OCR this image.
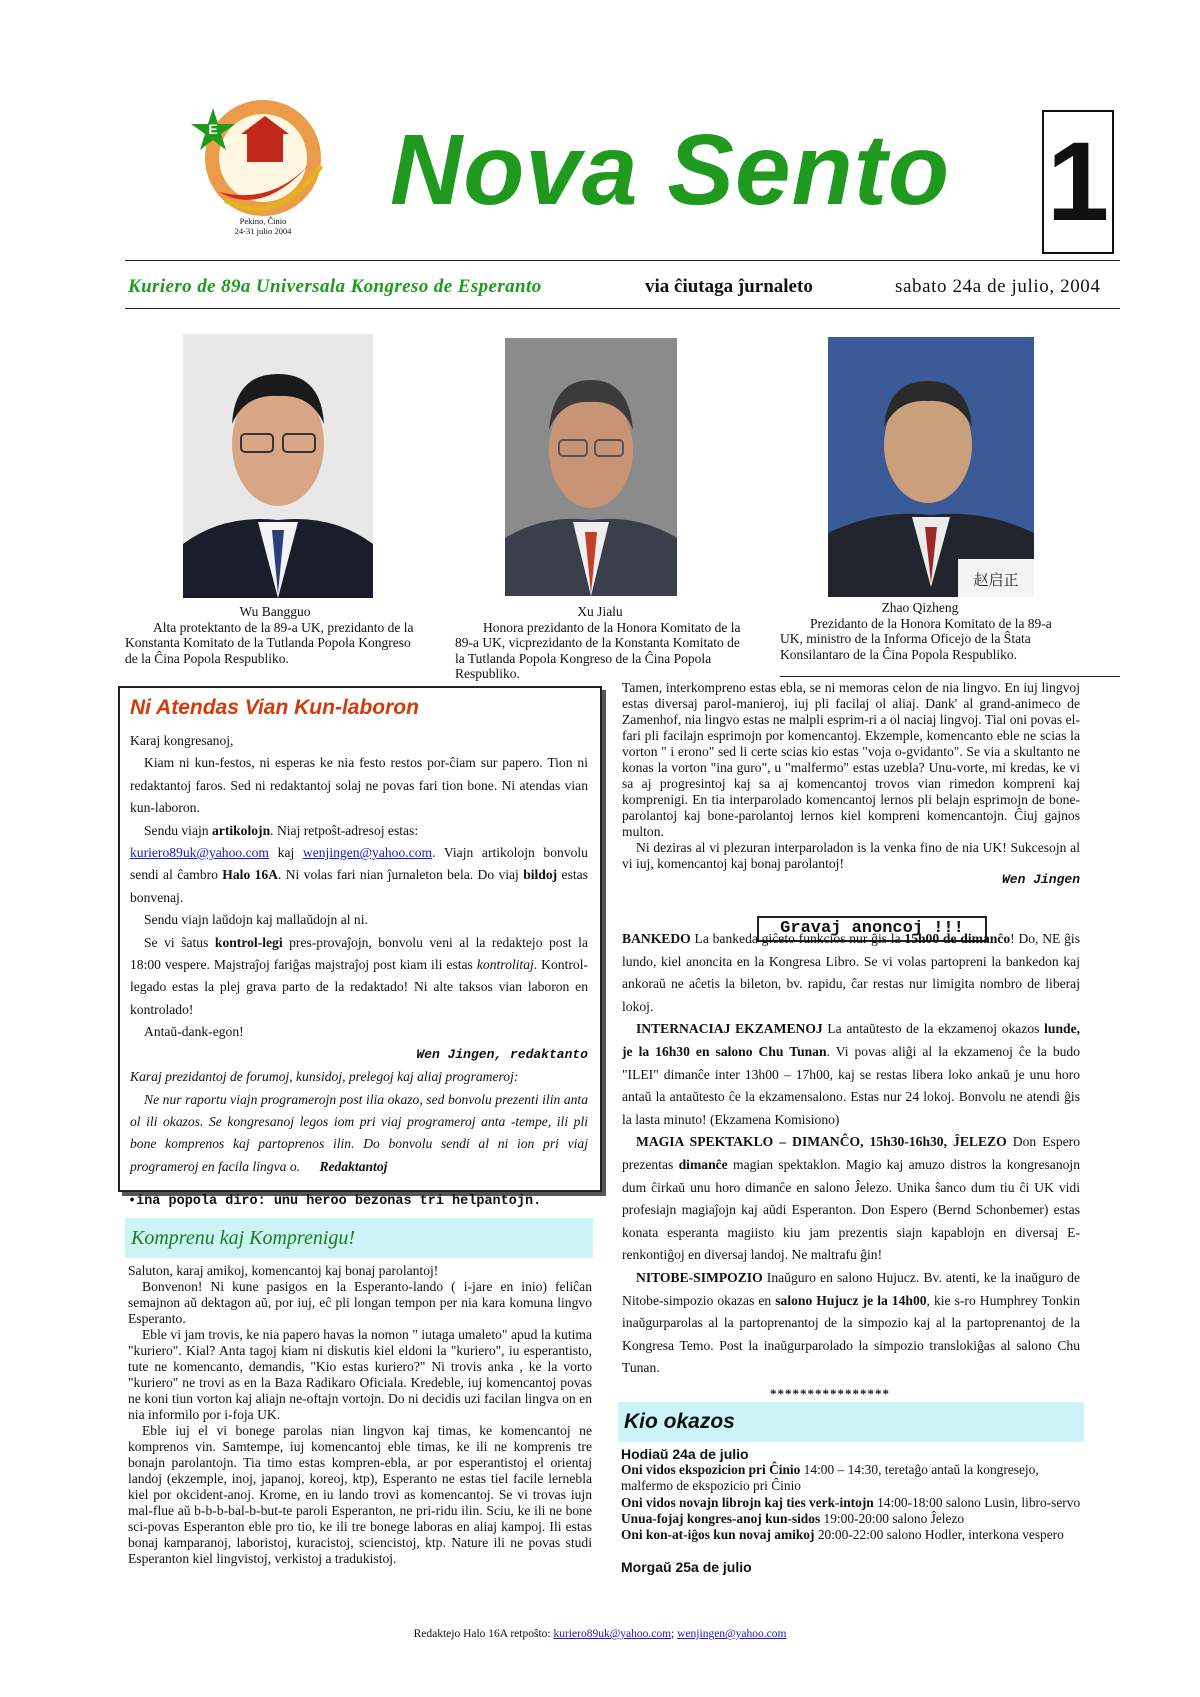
E
Pekino, Ĉinio
24-31 julio 2004
Nova Sento 1
Kuriero de 89a Universala Kongreso de Esperanto	via ĉiutaga ĵurnaleto	sabato 24a de julio, 2004
Wu Bangguo
Alta protektanto de la 89-a UK, prezidanto de la Konstanta Komitato de la Tutlanda Popola Kongreso de la Ĉina Popola Respubliko.
Xu Jialu
Honora prezidanto de la Honora Komitato de la 89-a UK, vicprezidanto de la Konstanta Komitato de la Tutlanda Popola Kongreso de la Ĉina Popola Respubliko.
赵启正
Zhao Qizheng
Prezidanto de la Honora Komitato de la 89-a UK, ministro de la Informa Oficejo de la Ŝtata Konsilantaro de la Ĉina Popola Respubliko.
Ni Atendas Vian Kun-laboron

Karaj kongresanoj,

Kiam ni kun-festos, ni esperas ke nia festo restos por-ĉiam sur papero. Tion ni redaktantoj faros. Sed ni redaktantoj solaj ne povas fari tion bone. Ni atendas vian kun-laboron.

Sendu viajn artikolojn. Niaj retpoŝt-adresoj estas:

kuriero89uk@yahoo.com kaj wenjingen@yahoo.com. Viajn artikolojn bonvolu sendi al ĉambro Halo 16A. Ni volas fari nian ĵurnaleton bela. Do viaj bildoj estas bonvenaj.

Sendu viajn laŭdojn kaj mallaŭdojn al ni.

Se vi ŝatus kontrol-legi pres-provaĵojn, bonvolu veni al la redaktejo post la 18:00 vespere. Majstraĵoj fariĝas majstraĵoj post kiam ili estas kontrolitaj. Kontrol-legado estas la plej grava parto de la redaktado! Ni alte taksos vian laboron en kontrolado!

Antaŭ-dank-egon!

Wen Jingen, redaktanto

Karaj prezidantoj de forumoj, kunsidoj, prelegoj kaj aliaj programeroj:

Ne nur raportu viajn programerojn post ilia okazo, sed bonvolu prezenti ilin anta ol ili okazos. Se kongresanoj legos iom pri viaj programeroj anta -tempe, ili pli bone komprenos kaj partoprenos ilin. Do bonvolu sendi al ni ion pri viaj programeroj en facila lingva o. Redaktantoj

•ina popola diro: unu heroo bezonas tri helpantojn.
Komprenu kaj Komprenigu!

Saluton, karaj amikoj, komencantoj kaj bonaj parolantoj!

Bonvenon! Ni kune pasigos en la Esperanto-lando ( i-jare en inio) feliĉan semajnon aŭ dektagon aŭ, por iuj, eĉ pli longan tempon per nia kara komuna lingvo Esperanto.

Eble vi jam trovis, ke nia papero havas la nomon " iutaga umaleto" apud la kutima "kuriero". Kial? Anta tagoj kiam ni diskutis kiel eldoni la "kuriero", iu esperantisto, tute ne komencanto, demandis, "Kio estas kuriero?" Ni trovis anka , ke la vorto "kuriero" ne trovi as en la Baza Radikaro Oficiala. Kredeble, iuj komencantoj povas ne koni tiun vorton kaj aliajn ne-oftajn vortojn. Do ni decidis uzi facilan lingva on en nia informilo por i-foja UK.

Eble iuj el vi bonege parolas nian lingvon kaj timas, ke komencantoj ne komprenos vin. Samtempe, iuj komencantoj eble timas, ke ili ne komprenis tre bonajn parolantojn. Tia timo estas kompren-ebla, ar por esperantistoj el orientaj landoj (ekzemple, inoj, japanoj, koreoj, ktp), Esperanto ne estas tiel facile lernebla kiel por okcident-anoj. Krome, en iu lando trovi as komencantoj. Se vi trovas iujn mal-flue aŭ b-b-b-bal-b-but-te paroli Esperanton, ne pri-ridu ilin. Sciu, ke ili ne bone sci-povas Esperanton eble pro tio, ke ili tre bonege laboras en aliaj kampoj. Ili estas bonaj kamparanoj, laboristoj, kuracistoj, sciencistoj, ktp. Nature ili ne povas studi Esperanton kiel lingvistoj, verkistoj a tradukistoj.

Tamen, interkompreno estas ebla, se ni memoras celon de nia lingvo. En iuj lingvoj estas diversaj parol-manieroj, iuj pli facilaj ol aliaj. Dank' al grand-animeco de Zamenhof, nia lingvo estas ne malpli esprim-ri a ol naciaj lingvoj. Tial oni povas el-fari pli facilajn esprimojn por komencantoj. Ekzemple, komencanto eble ne scias la vorton " i erono" sed li certe scias kio estas "voja o-gvidanto". Se via a skultanto ne konas la vorton "ina guro", u "malfermo" estas uzebla? Unu-vorte, mi kredas, ke vi sa aj progresintoj kaj sa aj komencantoj trovos vian rimedon kompreni kaj komprenigi. En tia interparolado komencantoj lernos pli belajn esprimojn de bone-parolantoj kaj bone-parolantoj lernos kiel kompreni komencantojn. Ĉiuj gajnos multon.

Ni deziras al vi plezuran interparoladon is la venka fino de nia UK! Sukcesojn al vi iuj, komencantoj kaj bonaj parolantoj!

Wen Jingen

Gravaj anoncoj !!!

BANKEDO La bankeda giĉeto funkcios nur ĝis la 15h00 de dimanĉo! Do, NE ĝis lundo, kiel anoncita en la Kongresa Libro. Se vi volas partopreni la bankedon kaj ankoraŭ ne aĉetis la bileton, bv. rapidu, ĉar restas nur limigita nombro de liberaj lokoj.

INTERNACIAJ EKZAMENOJ La antaŭtesto de la ekzamenoj okazos lunde, je la 16h30 en salono Chu Tunan. Vi povas aliĝi al la ekzamenoj ĉe la budo "ILEI" dimanĉe inter 13h00 – 17h00, kaj se restas libera loko ankaŭ je unu horo antaŭ la antaŭtesto ĉe la ekzamensalono. Estas nur 24 lokoj. Bonvolu ne atendi ĝis la lasta minuto! (Ekzamena Komisiono)

MAGIA SPEKTAKLO – DIMANĈO, 15h30-16h30, ĴELEZO Don Espero prezentas dimanĉe magian spektaklon. Magio kaj amuzo distros la kongresanojn dum ĉirkaŭ unu horo dimanĉe en salono Ĵelezo. Unika ŝanco dum tiu ĉi UK vidi profesiajn magiaĵojn kaj aŭdi Esperanton. Don Espero (Bernd Schonbemer) estas konata esperanta magiisto kiu jam prezentis siajn kapablojn en diversaj E-renkontiĝoj en diversaj landoj. Ne maltrafu ĝin!

NITOBE-SIMPOZIO Inaŭguro en salono Hujucz. Bv. atenti, ke la inaŭguro de Nitobe-simpozio okazas en salono Hujucz je la 14h00, kie s-ro Humphrey Tonkin inaŭgurparolas al la partoprenantoj de la simpozio kaj al la partoprenantoj de la Kongresa Temo. Post la inaŭgurparolado la simpozio translokiĝas al salono Chu Tunan.

****************
Kio okazos

Hodiaŭ 24a de julio

Oni vidos ekspozicion pri Ĉinio 14:00 – 14:30, teretaĝo antaŭ la kongresejo, malfermo de ekspozicio pri Ĉinio

Oni vidos novajn librojn kaj ties verk-intojn 14:00-18:00 salono Lusin, libro-servo

Unua-fojaj kongres-anoj kun-sidos 19:00-20:00 salono Ĵelezo

Oni kon-at-iĝos kun novaj amikoj 20:00-22:00 salono Hodler, interkona vespero

Morgaŭ 25a de julio

Redaktejo Halo 16A retpoŝto: kuriero89uk@yahoo.com; wenjingen@yahoo.com
